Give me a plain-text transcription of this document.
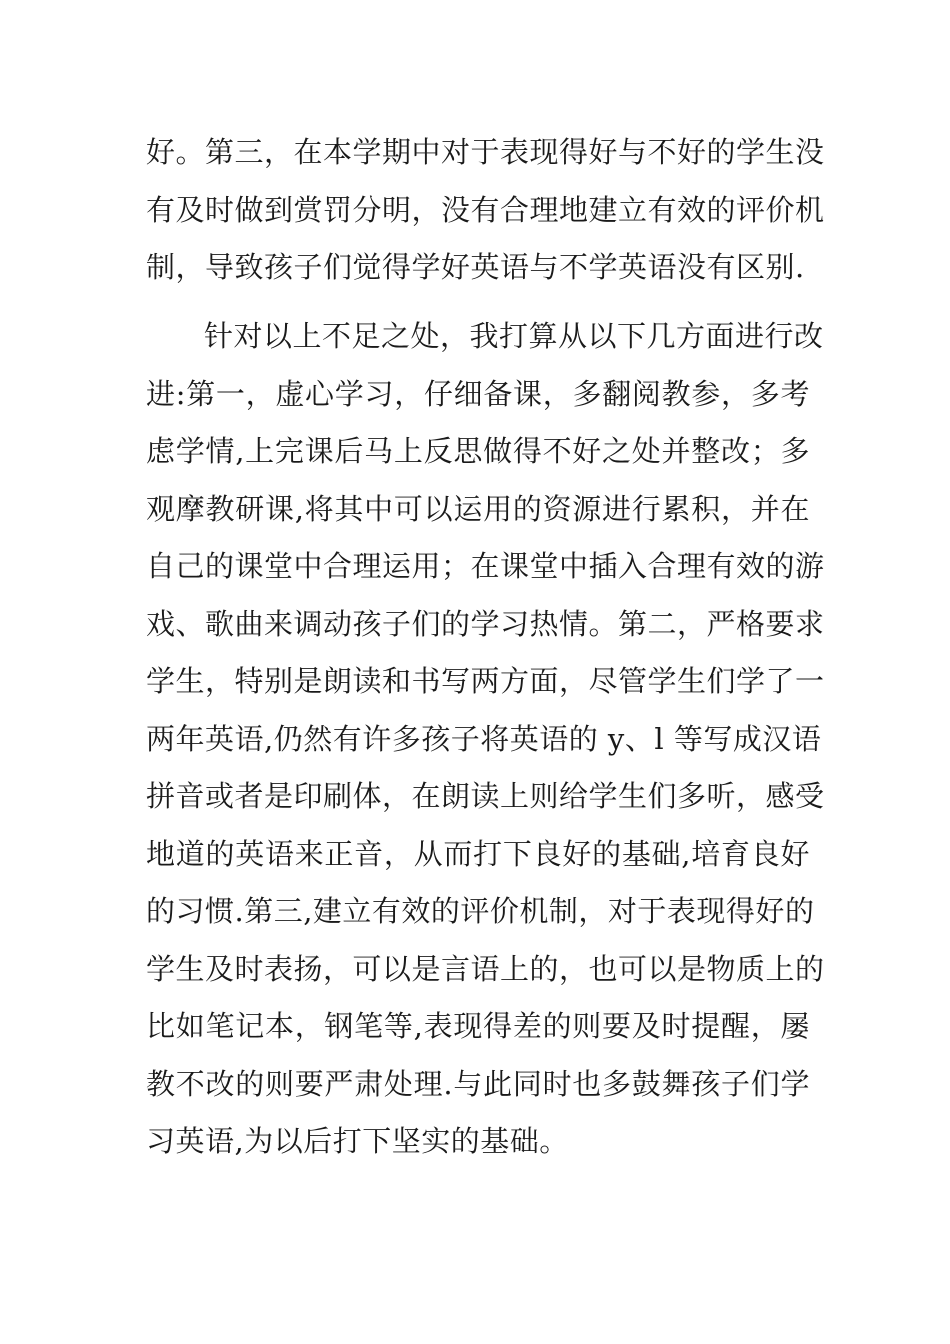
好。第三，在本学期中对于表现得好与不好的学生没
有及时做到赏罚分明，没有合理地建立有效的评价机
制，导致孩子们觉得学好英语与不学英语没有区别.
针对以上不足之处，我打算从以下几方面进行改
进:第一，虚心学习，仔细备课，多翻阅教参，多考
虑学情,上完课后马上反思做得不好之处并整改；多
观摩教研课,将其中可以运用的资源进行累积，并在
自己的课堂中合理运用；在课堂中插入合理有效的游
戏、歌曲来调动孩子们的学习热情。第二，严格要求
学生，特别是朗读和书写两方面，尽管学生们学了一
两年英语,仍然有许多孩子将英语的 y、l 等写成汉语
拼音或者是印刷体，在朗读上则给学生们多听，感受
地道的英语来正音，从而打下良好的基础,培育良好
的习惯.第三,建立有效的评价机制，对于表现得好的
学生及时表扬，可以是言语上的，也可以是物质上的
比如笔记本，钢笔等,表现得差的则要及时提醒，屡
教不改的则要严肃处理.与此同时也多鼓舞孩子们学
习英语,为以后打下坚实的基础。
